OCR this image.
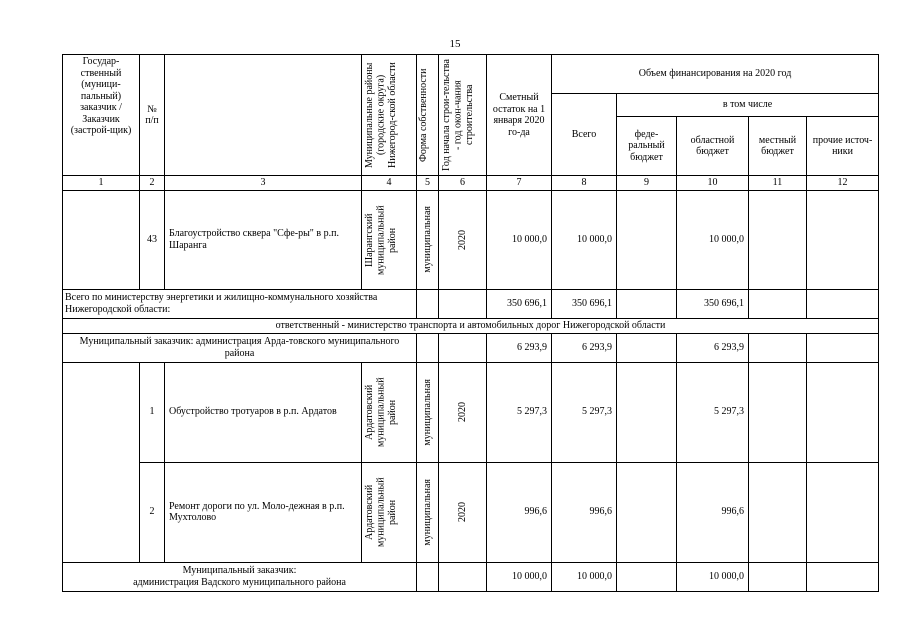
15
Государ-ственный (муници-пальный) заказчик / Заказчик (застрой-щик)	№ п/п		Муниципальные районы (городские округа) Нижегород-ской области	Форма собственности	Год начала строи-тельства - год окон-чания строительства	Сметный остаток на 1 января 2020 го-да	Объем финансирования на 2020 год				
							Всего	в том числе			
								феде-ральный бюджет	областной бюджет	местный бюджет	прочие источ-ники
1	2	3	4	5	6	7	8	9	10	11	12
	43	Благоустройство сквера "Сфе-ры" в р.п. Шаранга	Шарангский муниципальный район	муниципальная	2020	10 000,0	10 000,0		10 000,0		
Всего по министерству энергетики и жилищно-коммунального хозяйства Нижегородской области:						350 696,1	350 696,1		350 696,1		
ответственный - министерство транспорта и автомобильных дорог Нижегородской области											
Муниципальный заказчик: администрация Арда-товского муниципального района						6 293,9	6 293,9		6 293,9		
	1	Обустройство тротуаров в р.п. Ардатов	Ардатовский муниципальный район	муниципальная	2020	5 297,3	5 297,3		5 297,3		
	2	Ремонт дороги по ул. Моло-дежная в р.п. Мухтолово	Ардатовский муниципальный район	муниципальная	2020	996,6	996,6		996,6		

Муниципальный заказчик:
администрация Вадского муниципального района						10 000,0	10 000,0		10 000,0		
